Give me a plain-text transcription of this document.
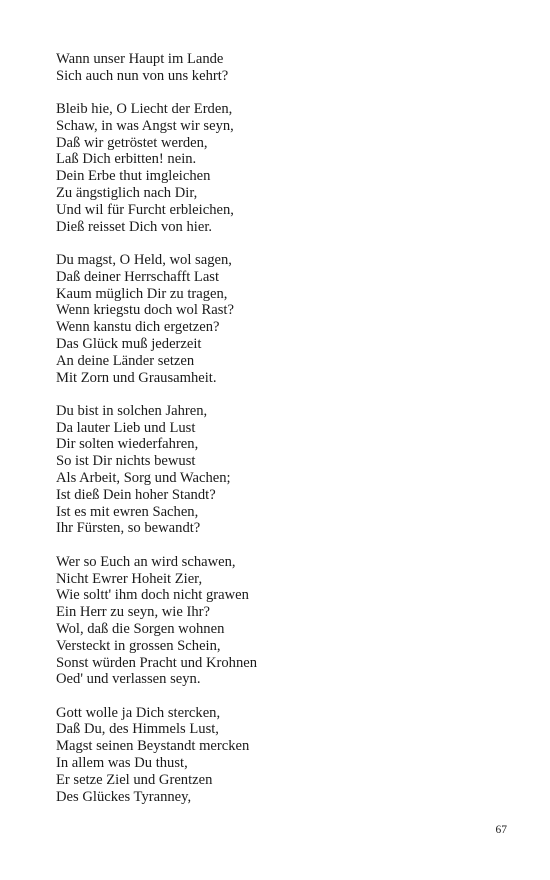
Wann unser Haupt im Lande
Sich auch nun von uns kehrt?
Bleib hie, O Liecht der Erden,
Schaw, in was Angst wir seyn,
Daß wir getröstet werden,
Laß Dich erbitten! nein.
Dein Erbe thut imgleichen
Zu ängstiglich nach Dir,
Und wil für Furcht erbleichen,
Dieß reisset Dich von hier.
Du magst, O Held, wol sagen,
Daß deiner Herrschafft Last
Kaum müglich Dir zu tragen,
Wenn kriegstu doch wol Rast?
Wenn kanstu dich ergetzen?
Das Glück muß jederzeit
An deine Länder setzen
Mit Zorn und Grausamheit.
Du bist in solchen Jahren,
Da lauter Lieb und Lust
Dir solten wiederfahren,
So ist Dir nichts bewust
Als Arbeit, Sorg und Wachen;
Ist dieß Dein hoher Standt?
Ist es mit ewren Sachen,
Ihr Fürsten, so bewandt?
Wer so Euch an wird schawen,
Nicht Ewrer Hoheit Zier,
Wie soltt' ihm doch nicht grawen
Ein Herr zu seyn, wie Ihr?
Wol, daß die Sorgen wohnen
Versteckt in grossen Schein,
Sonst würden Pracht und Krohnen
Oed' und verlassen seyn.
Gott wolle ja Dich stercken,
Daß Du, des Himmels Lust,
Magst seinen Beystandt mercken
In allem was Du thust,
Er setze Ziel und Grentzen
Des Glückes Tyranney,
67
